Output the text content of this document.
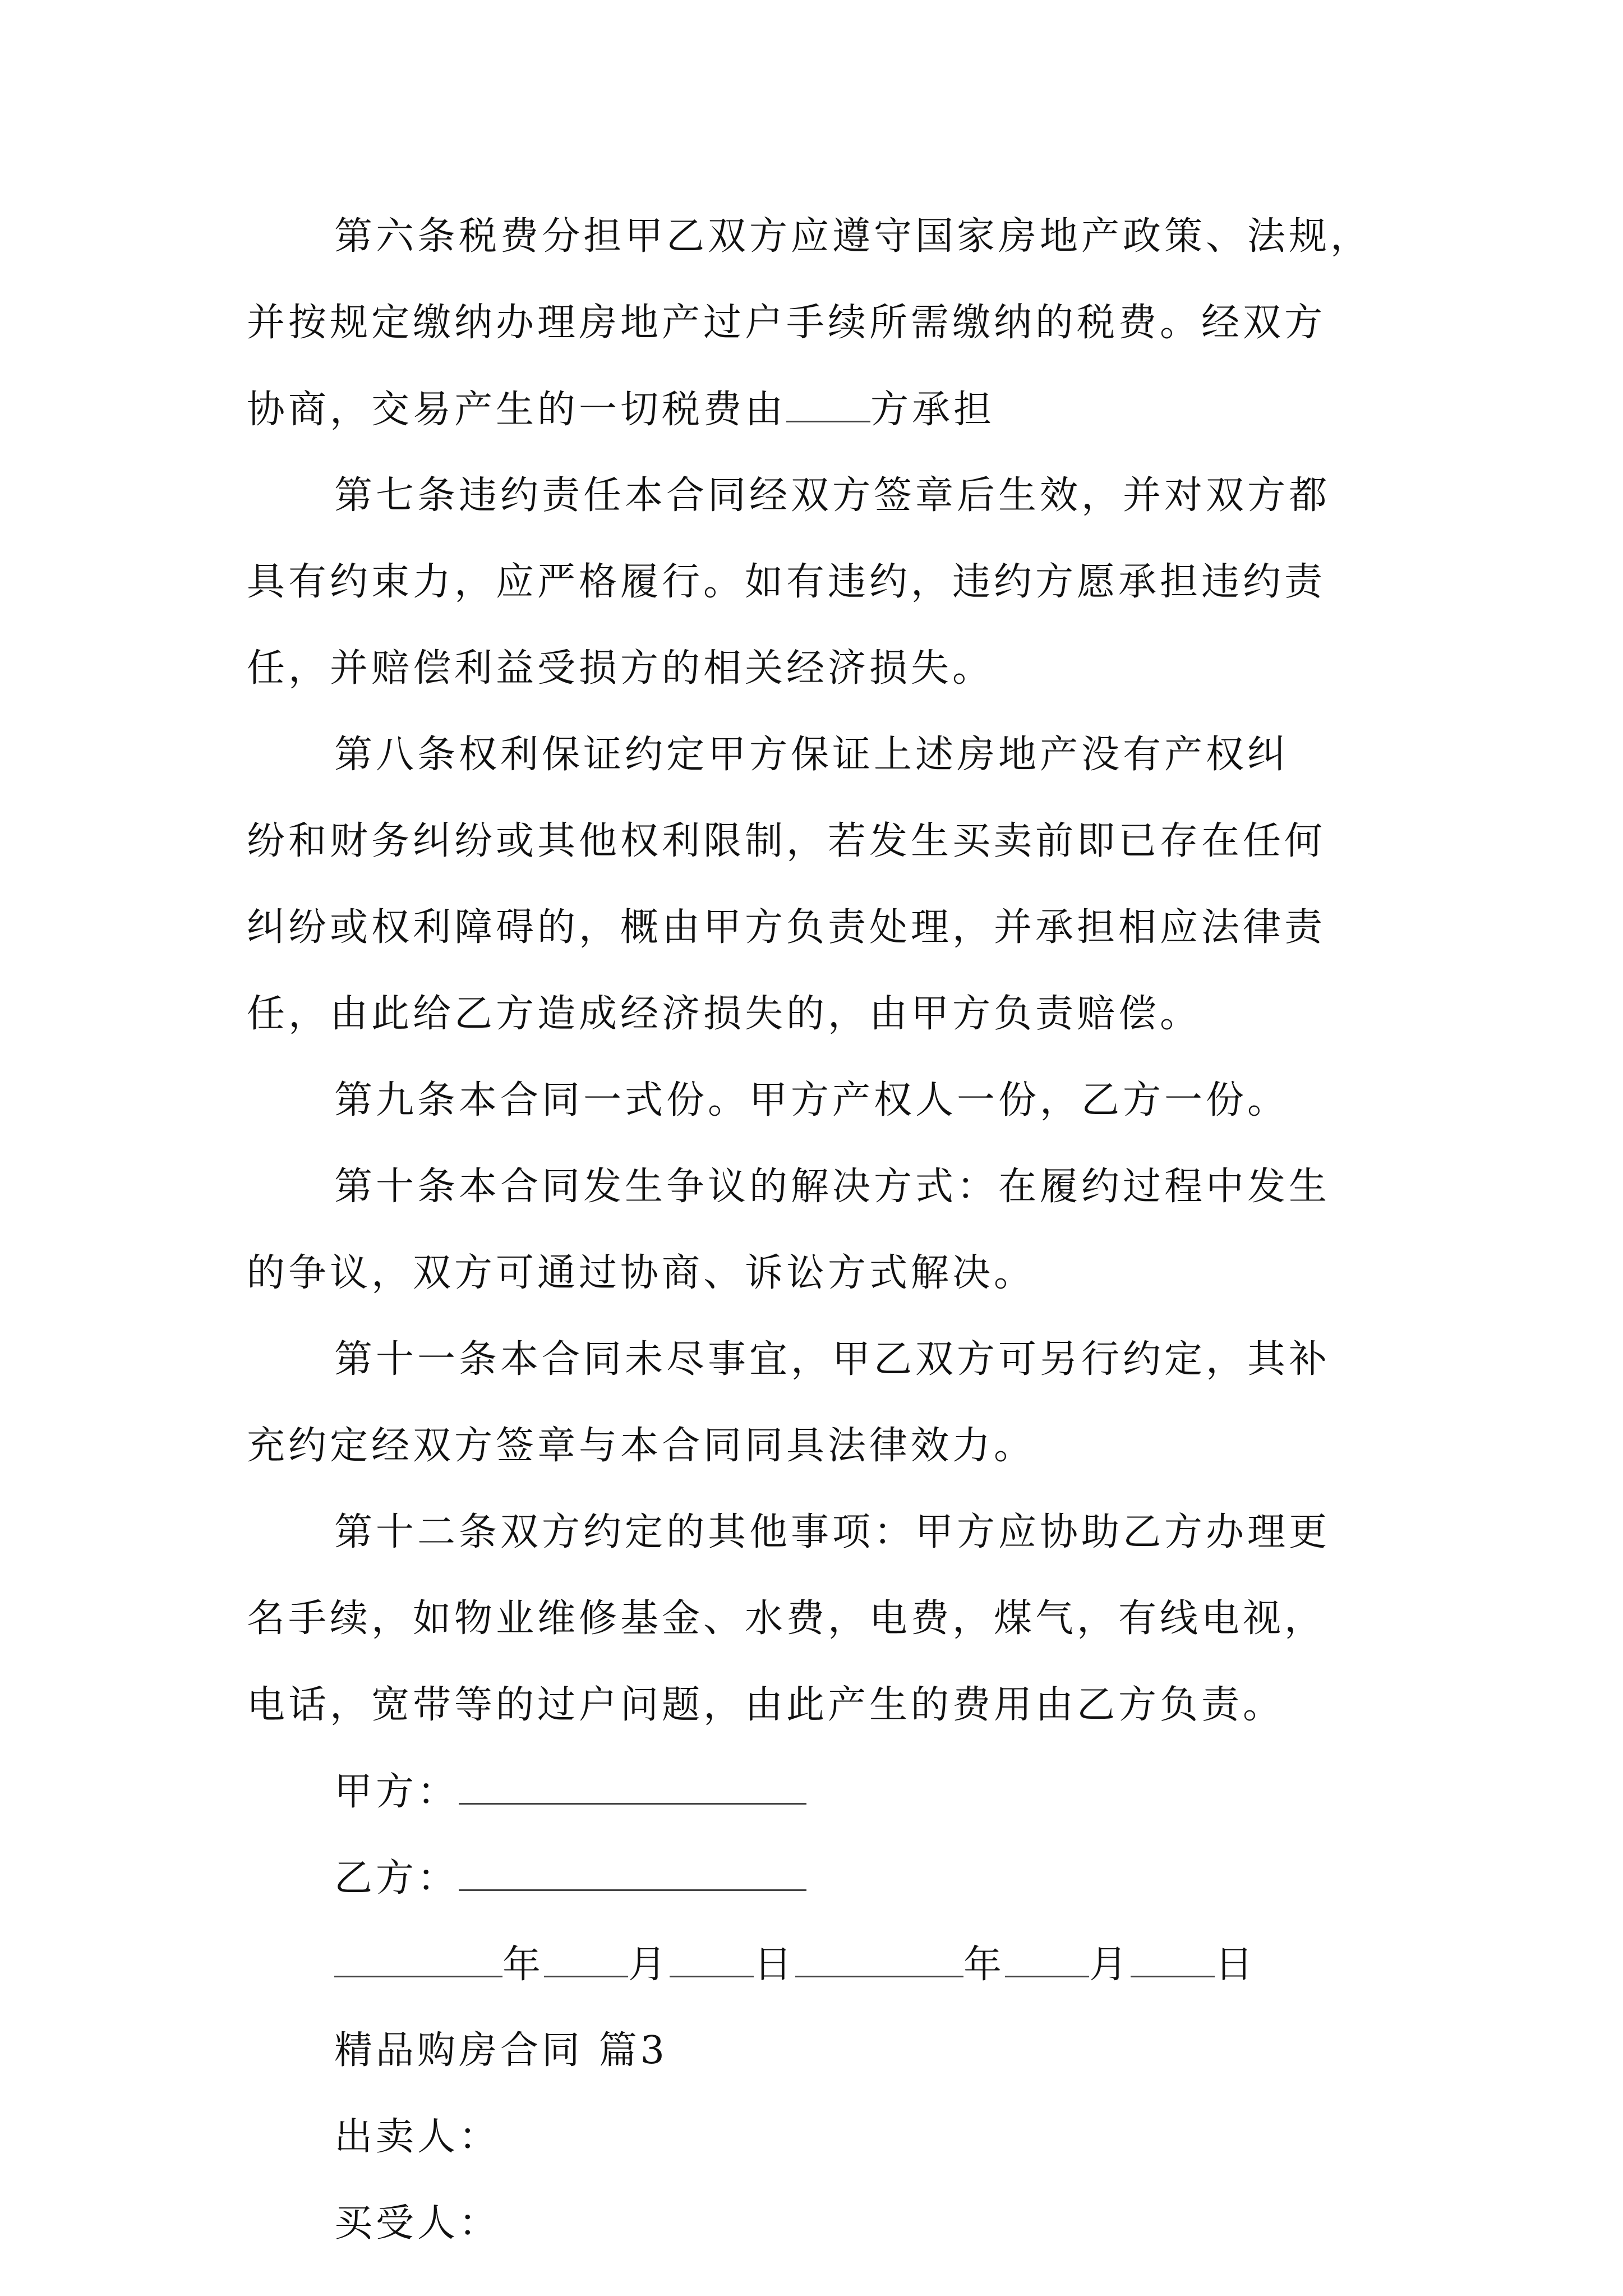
第六条税费分担甲乙双方应遵守国家房地产政策、法规，
并按规定缴纳办理房地产过户手续所需缴纳的税费。经双方
协商，交易产生的一切税费由 方承担
第七条违约责任本合同经双方签章后生效，并对双方都
具有约束力，应严格履行。如有违约，违约方愿承担违约责
任，并赔偿利益受损方的相关经济损失。
第八条权利保证约定甲方保证上述房地产没有产权纠
纷和财务纠纷或其他权利限制，若发生买卖前即已存在任何
纠纷或权利障碍的，概由甲方负责处理，并承担相应法律责
任，由此给乙方造成经济损失的，由甲方负责赔偿。
第九条本合同一式份。甲方产权人一份，乙方一份。
第十条本合同发生争议的解决方式：在履约过程中发生
的争议，双方可通过协商、诉讼方式解决。
第十一条本合同未尽事宜，甲乙双方可另行约定，其补
充约定经双方签章与本合同同具法律效力。
第十二条双方约定的其他事项：甲方应协助乙方办理更
名手续，如物业维修基金、水费，电费，煤气，有线电视，
电话，宽带等的过户问题，由此产生的费用由乙方负责。
甲方：
乙方：
年 月 日	年 月 日
精品购房合同 篇3
出卖人：
买受人：
